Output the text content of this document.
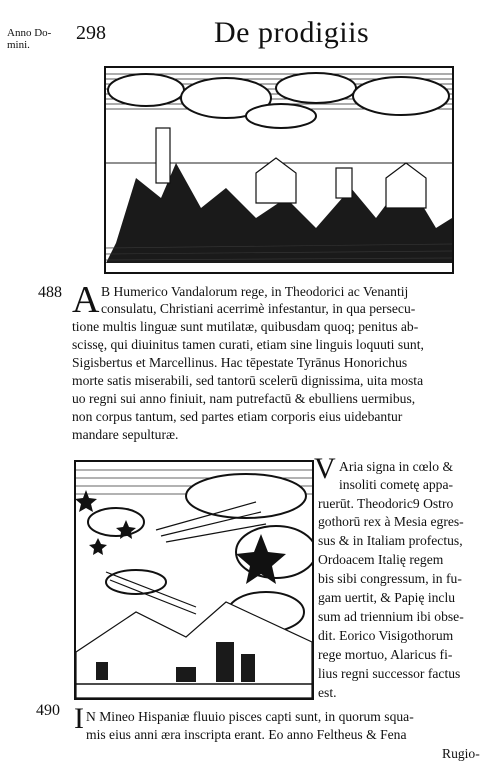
Anno Do-
mini.
298	De prodigiis
488 A B Humerico Vandalorum rege, in Theodorici ac Venantij
consulatu, Christiani acerrimè infestantur, in qua persecu-
tione multis linguæ sunt mutilatæ, quibusdam quoq; penitus ab-
scissę, qui diuinitus tamen curati, etiam sine linguis loquuti sunt,
Sigisbertus et Marcellinus. Hac tēpestate Tyrānus Honorichus
morte satis miserabili, sed tantorū scelerū dignissima, uita mosta
uo regni sui anno finiuit, nam putrefactū & ebulliens uermibus,
non corpus tantum, sed partes etiam corporis eius uidebantur
mandare sepulturæ.
V Aria signa in cœlo &
insoliti cometę appa-
ruerūt. Theodoric9 Ostro
gothorū rex à Mesia egres-
sus & in Italiam profectus,
Ordoacem Italię regem
bis sibi congressum, in fu-
gam uertit, & Papię inclu
sum ad triennium ibi obse-
dit. Eorico Visigothorum
rege mortuo, Alaricus fi-
lius regni successor factus
est.
490 I N Mineo Hispaniæ fluuio pisces capti sunt, in quorum squa-
mis eius anni æra inscripta erant. Eo anno Feltheus & Fena
Rugio-
